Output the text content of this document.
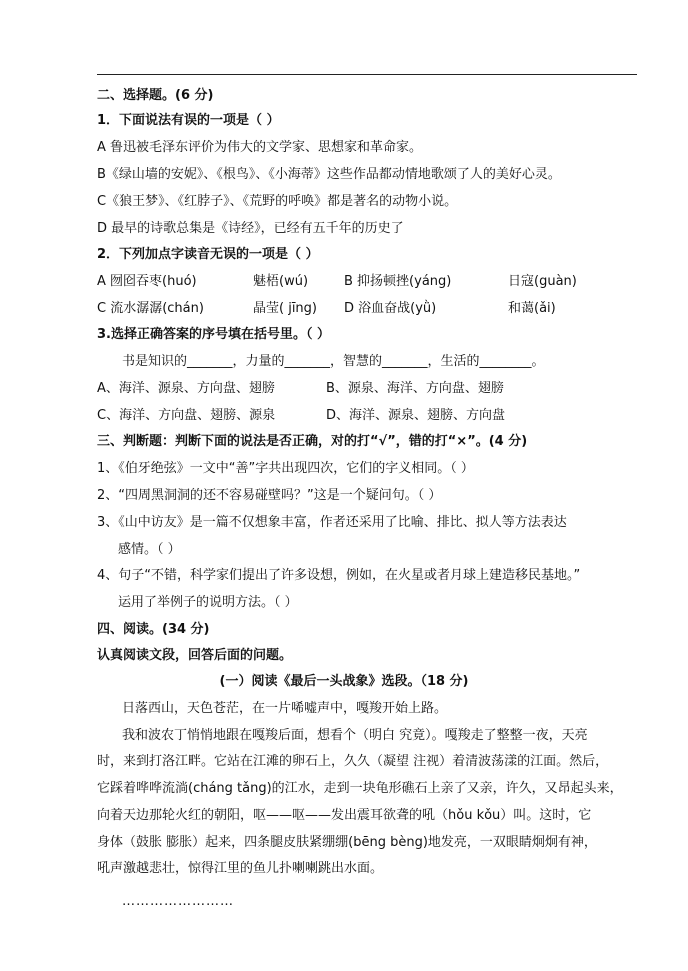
二、选择题。(6 分)
1．下面说法有误的一项是（ ）
A 鲁迅被毛泽东评价为伟大的文学家、思想家和革命家。
B《绿山墙的安妮》、《根鸟》、《小海蒂》这些作品都动情地歌颂了人的美好心灵。
C《狼王梦》、《红脖子》、《荒野的呼唤》都是著名的动物小说。
D 最早的诗歌总集是《诗经》，已经有五千年的历史了
2．下列加点字读音无误的一项是（ ）
A 囫囵吞枣(huó)	魅梧(wú)	B 抑扬顿挫(yáng)	日寇(guàn)
C 流水潺潺(chán)	晶莹( jīng) D 浴血奋战(yǜ)	和蔼(ǎi)
3.选择正确答案的序号填在括号里。（ ）
书是知识的_______，力量的_______，智慧的_______，生活的________。
A、海洋、源泉、方向盘、翅膀	B、源泉、海洋、方向盘、翅膀
C、海洋、方向盘、翅膀、源泉	D、海洋、源泉、翅膀、方向盘
三、判断题：判断下面的说法是否正确，对的打“√”，错的打“×”。(4 分)
1、《伯牙绝弦》一文中“善”字共出现四次，它们的字义相同。（ ）
2、“四周黑洞洞的还不容易碰壁吗？”这是一个疑问句。（ ）
3、《山中访友》是一篇不仅想象丰富，作者还采用了比喻、排比、拟人等方法表达
感情。（ ）
4、句子“不错，科学家们提出了许多设想，例如，在火星或者月球上建造移民基地。”
运用了举例子的说明方法。（ ）
四、阅读。(34 分)
认真阅读文段，回答后面的问题。
(一）阅读《最后一头战象》选段。（18 分)
日落西山，天色苍茫，在一片唏嘘声中，嘎羧开始上路。
我和波农丁悄悄地跟在嘎羧后面，想看个（明白 究竟）。嘎羧走了整整一夜，天亮
时，来到打洛江畔。它站在江滩的卵石上，久久（凝望 注视）着清波荡漾的江面。然后，
它踩着哗哗流淌(cháng tǎng)的江水，走到一块龟形礁石上亲了又亲，许久，又昂起头来，
向着天边那轮火红的朝阳，呕——呕——发出震耳欲聋的吼（hǒu kǒu）叫。这时，它
身体（鼓胀 膨胀）起来，四条腿皮肤紧绷绷(bēng bèng)地发亮，一双眼睛炯炯有神，
吼声激越悲壮，惊得江里的鱼儿扑喇喇跳出水面。
……………………
